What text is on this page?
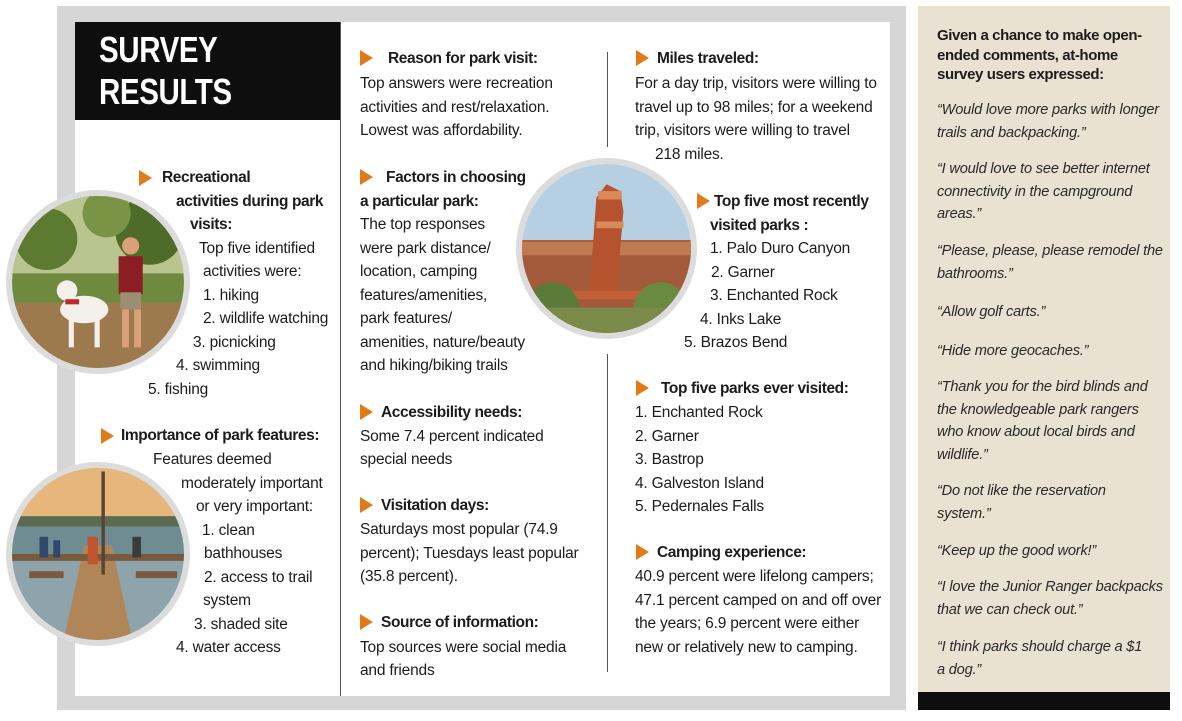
SURVEY RESULTS
Recreational
activities during park
visits:
Top five identified
activities were:
1. hiking
2. wildlife watching
3. picnicking
4. swimming
5. fishing
Importance of park features:
Features deemed
moderately important
or very important:
1. clean
bathhouses
2. access to trail
system
3. shaded site
4. water access
Reason for park visit:
Top answers were recreation
activities and rest/relaxation.
Lowest was affordability.
Factors in choosing
a particular park:
The top responses
were park distance/
location, camping
features/amenities,
park features/
amenities, nature/beauty
and hiking/biking trails
Accessibility needs:
Some 7.4 percent indicated
special needs
Visitation days:
Saturdays most popular (74.9
percent); Tuesdays least popular
(35.8 percent).
Source of information:
Top sources were social media
and friends
Miles traveled:
For a day trip, visitors were willing to
travel up to 98 miles; for a weekend
trip, visitors were willing to travel
218 miles.
Top five most recently
visited parks :
1. Palo Duro Canyon
2. Garner
3. Enchanted Rock
4. Inks Lake
5. Brazos Bend
Top five parks ever visited:
1. Enchanted Rock
2. Garner
3. Bastrop
4. Galveston Island
5. Pedernales Falls
Camping experience:
40.9 percent were lifelong campers;
47.1 percent camped on and off over
the years; 6.9 percent were either
new or relatively new to camping.
Given a chance to make open-
ended comments, at-home
survey users expressed:
“Would love more parks with longer
trails and backpacking.”
“I would love to see better internet
connectivity in the campground
areas.”
“Please, please, please remodel the
bathrooms.”
“Allow golf carts.”
“Hide more geocaches.”
“Thank you for the bird blinds and
the knowledgeable park rangers
who know about local birds and
wildlife.”
“Do not like the reservation
system.”
“Keep up the good work!”
“I love the Junior Ranger backpacks
that we can check out.”
“I think parks should charge a $1
a dog.”
